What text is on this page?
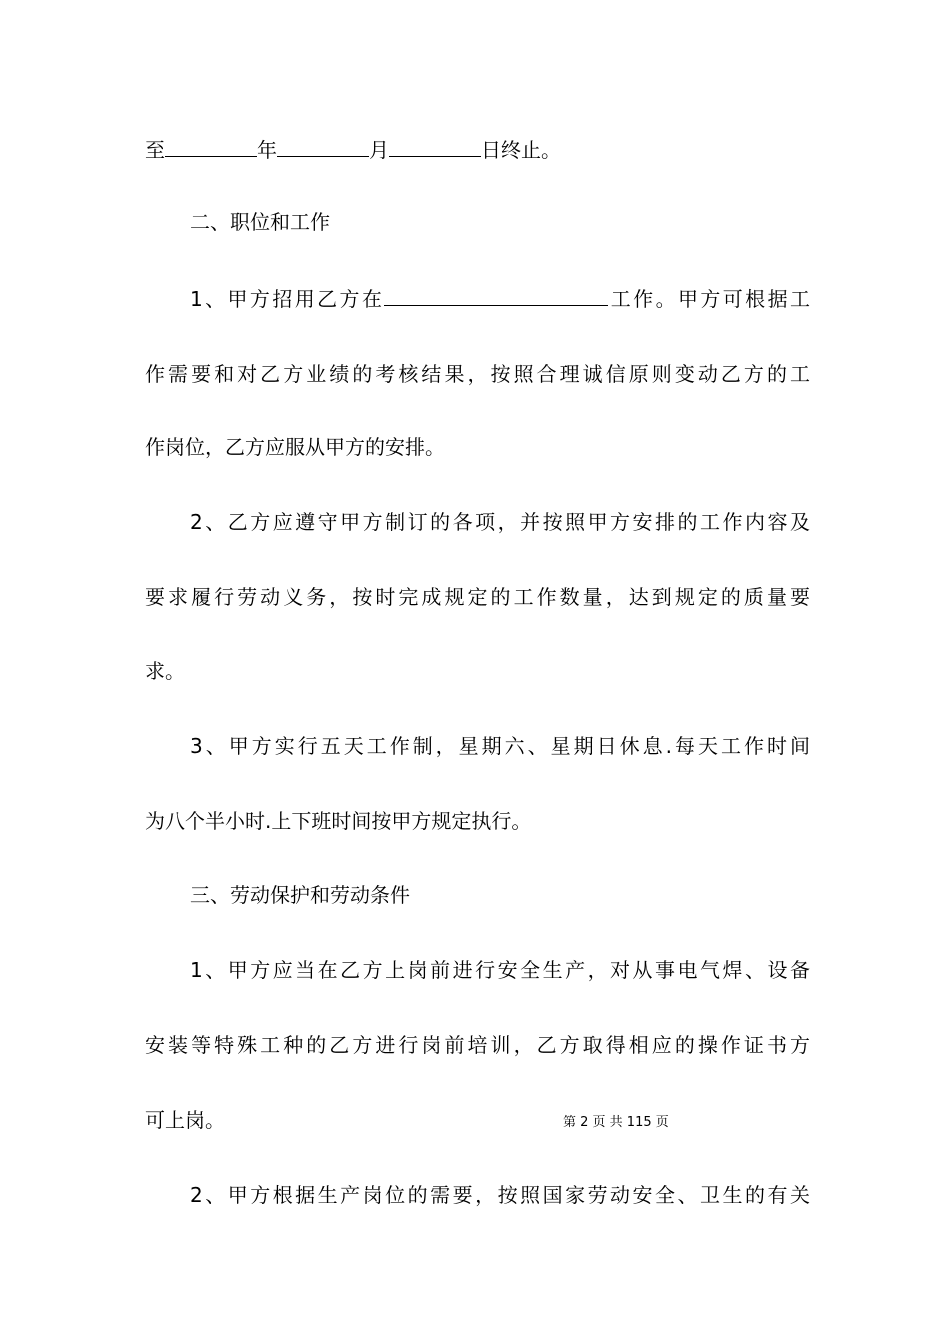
至	年	月	日终止。
二、职位和工作
1、甲方招用乙方在	工作。甲方可根据工
作需要和对乙方业绩的考核结果，按照合理诚信原则变动乙方的工
作岗位，乙方应服从甲方的安排。
2、乙方应遵守甲方制订的各项，并按照甲方安排的工作内容及
要求履行劳动义务，按时完成规定的工作数量，达到规定的质量要
求。
3、甲方实行五天工作制，星期六、星期日休息.每天工作时间
为八个半小时.上下班时间按甲方规定执行。
三、劳动保护和劳动条件
1、甲方应当在乙方上岗前进行安全生产，对从事电气焊、设备
安装等特殊工种的乙方进行岗前培训，乙方取得相应的操作证书方
可上岗。	第 2 页 共 115 页
2、甲方根据生产岗位的需要，按照国家劳动安全、卫生的有关
